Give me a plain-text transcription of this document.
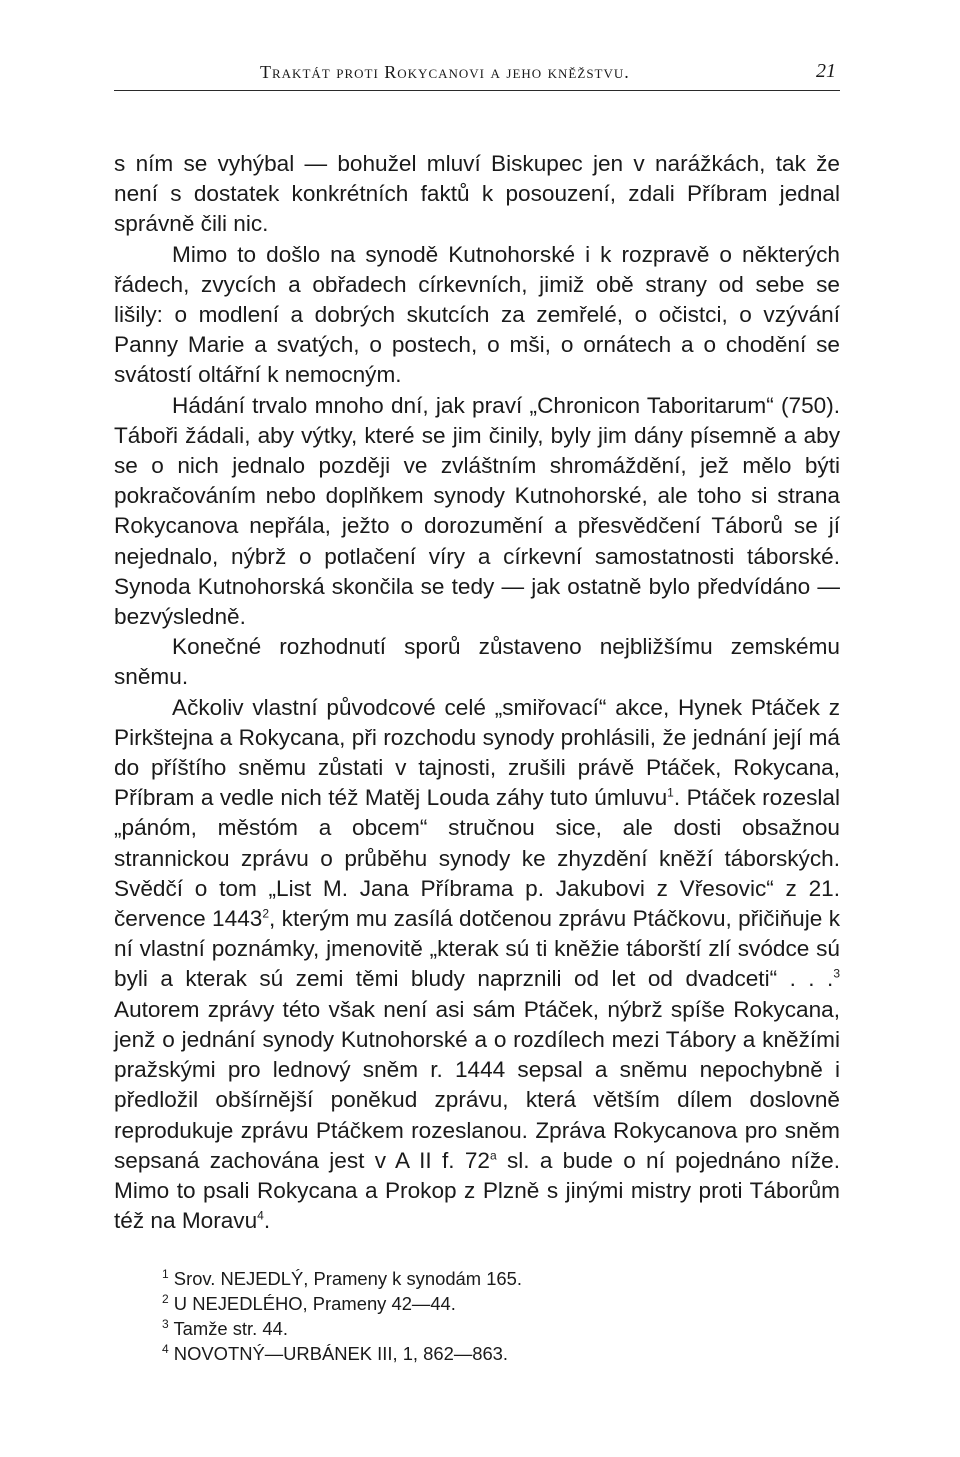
Traktát proti Rokycanovi a jeho kněžstvu.	21

s ním se vyhýbal — bohužel mluví Biskupec jen v narážkách, tak že není s dostatek konkrétních faktů k posouzení, zdali Příbram jednal správně čili nic.

Mimo to došlo na synodě Kutnohorské i k rozpravě o některých řádech, zvycích a obřadech církevních, jimiž obě strany od sebe se lišily: o modlení a dobrých skutcích za zemřelé, o očistci, o vzývání Panny Marie a svatých, o postech, o mši, o ornátech a o chodění se svátostí oltářní k nemocným.

Hádání trvalo mnoho dní, jak praví „Chronicon Taboritarum“ (750). Táboři žádali, aby výtky, které se jim činily, byly jim dány písemně a aby se o nich jednalo později ve zvláštním shromáždění, jež mělo býti pokračováním nebo doplňkem synody Kutnohorské, ale toho si strana Rokycanova nepřála, ježto o dorozumění a přesvědčení Táborů se jí nejednalo, nýbrž o potlačení víry a církevní samostatnosti táborské. Synoda Kutnohorská skončila se tedy — jak ostatně bylo předvídáno — bezvýsledně.

Konečné rozhodnutí sporů zůstaveno nejbližšímu zemskému sněmu.

Ačkoliv vlastní původcové celé „smiřovací“ akce, Hynek Ptáček z Pirkštejna a Rokycana, při rozchodu synody prohlásili, že jednání její má do příštího sněmu zůstati v tajnosti, zrušili právě Ptáček, Rokycana, Příbram a vedle nich též Matěj Louda záhy tuto úmluvu$^1$. Ptáček rozeslal „pánóm, městóm a obcem“ stručnou sice, ale dosti obsažnou strannickou zprávu o průběhu synody ke zhyzdění kněží táborských. Svědčí o tom „List M. Jana Příbrama p. Jakubovi z Vřesovic“ z 21. července 1443$^2$, kterým mu zasílá dotčenou zprávu Ptáčkovu, přičiňuje k ní vlastní poznámky, jmenovitě „kterak sú ti kněžie táborští zlí svódce sú byli a kterak sú zemi těmi bludy naprznili od let od dvadceti“ . . .$^3$ Autorem zprávy této však není asi sám Ptáček, nýbrž spíše Rokycana, jenž o jednání synody Kutnohorské a o rozdílech mezi Tábory a kněžími pražskými pro lednový sněm r. 1444 sepsal a sněmu nepochybně i předložil obšírnější poněkud zprávu, která větším dílem doslovně reprodukuje zprávu Ptáčkem rozeslanou. Zpráva Rokycanova pro sněm sepsaná zachována jest v A II f. 72$^a$ sl. a bude o ní pojednáno níže. Mimo to psali Rokycana a Prokop z Plzně s jinými mistry proti Táborům též na Moravu$^4$.

$^1$ Srov. NEJEDLÝ, Prameny k synodám 165.

$^2$ U NEJEDLÉHO, Prameny 42—44.

$^3$ Tamže str. 44.

$^4$ NOVOTNÝ—URBÁNEK III, 1, 862—863.
